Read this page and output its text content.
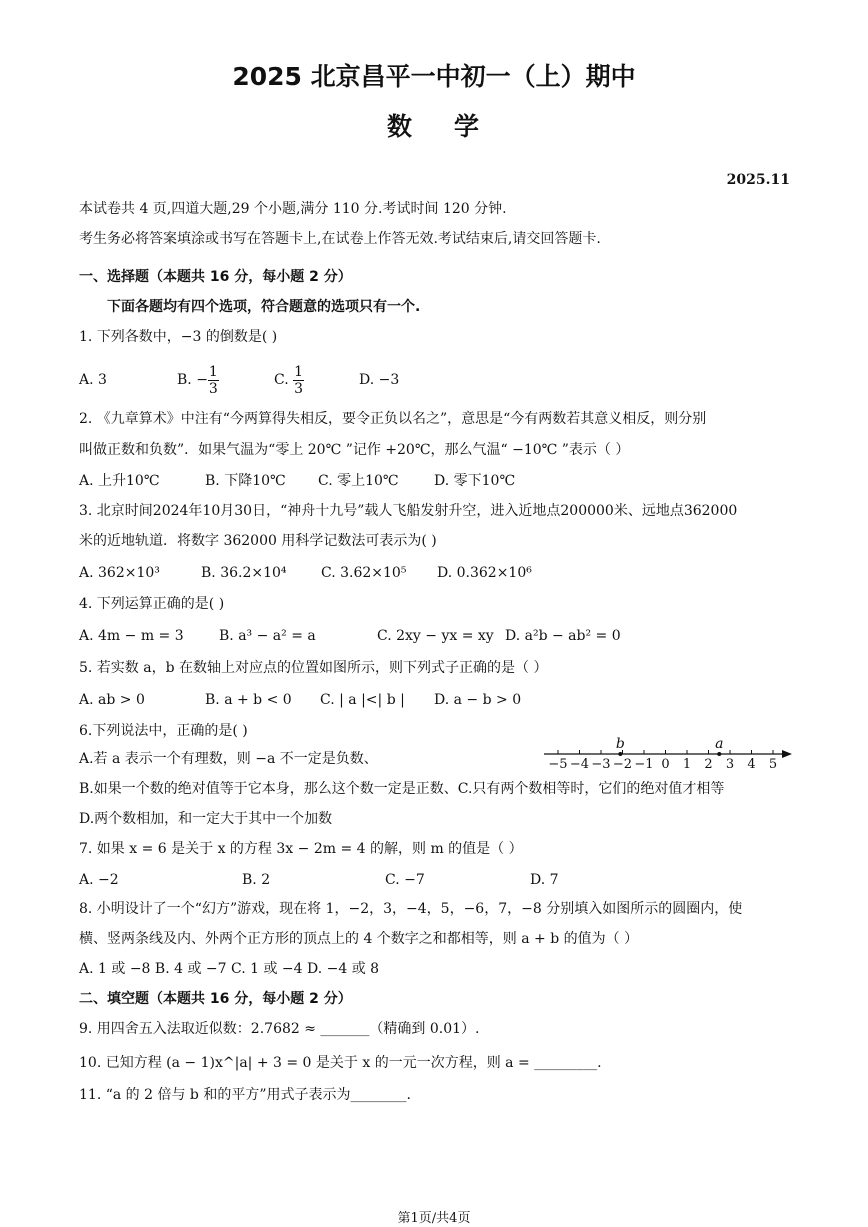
2025 北京昌平一中初一（上）期中
数学
2025.11
本试卷共 4 页,四道大题,29 个小题,满分 110 分.考试时间 120 分钟.
考生务必将答案填涂或书写在答题卡上,在试卷上作答无效.考试结束后,请交回答题卡.
一、选择题（本题共 16 分，每小题 2 分）
下面各题均有四个选项，符合题意的选项只有一个.
1. 下列各数中，−3 的倒数是( )
A. 3	B. − $\frac{1}{3}$	C. $\frac{1}{3}$	D. −3
2. 《九章算术》中注有“今两算得失相反，要令正负以名之”，意思是“今有两数若其意义相反，则分别
叫做正数和负数”．如果气温为“零上 20℃ ”记作 +20℃，那么气温“ −10℃ ”表示（ ）
A. 上升10℃	B. 下降10℃ C. 零上10℃	D. 零下10℃
3. 北京时间2024年10月30日，“神舟十九号”载人飞船发射升空，进入近地点200000米、远地点362000
米的近地轨道．将数字 362000 用科学记数法可表示为( )
A. 362×10³	B. 36.2×10⁴ C. 3.62×10⁵ D. 0.362×10⁶
4. 下列运算正确的是( )
A. 4m − m = 3	B. a³ − a² = a	C. 2xy − yx = xy D. a²b − ab² = 0
5. 若实数 a，b 在数轴上对应点的位置如图所示，则下列式子正确的是（ ）
A. ab > 0	B. a + b < 0 C. | a |<| b | D. a − b > 0
6.下列说法中，正确的是( )
A.若 a 表示一个有理数，则 −a 不一定是负数、
B.如果一个数的绝对值等于它本身，那么这个数一定是正数、C.只有两个数相等时，它们的绝对值才相等
D.两个数相加，和一定大于其中一个加数
−5 −4 −3 −2 −1 0 1 2 3 4 5
b	a
7. 如果 x = 6 是关于 x 的方程 3x − 2m = 4 的解，则 m 的值是（ ）
A. −2	B. 2	C. −7	D. 7
8. 小明设计了一个“幻方”游戏，现在将 1，−2，3，−4，5，−6，7，−8 分别填入如图所示的圆圈内，使
横、竖两条线及内、外两个正方形的顶点上的 4 个数字之和都相等，则 a + b 的值为（ ）
A. 1 或 −8 B. 4 或 −7 C. 1 或 −4 D. −4 或 8
二、填空题（本题共 16 分，每小题 2 分）
9. 用四舍五入法取近似数：2.7682 ≈ _______（精确到 0.01）.
10. 已知方程 (a − 1)x^|a| + 3 = 0 是关于 x 的一元一次方程，则 a = _________.
11. “a 的 2 倍与 b 和的平方”用式子表示为________.
第1页/共4页
